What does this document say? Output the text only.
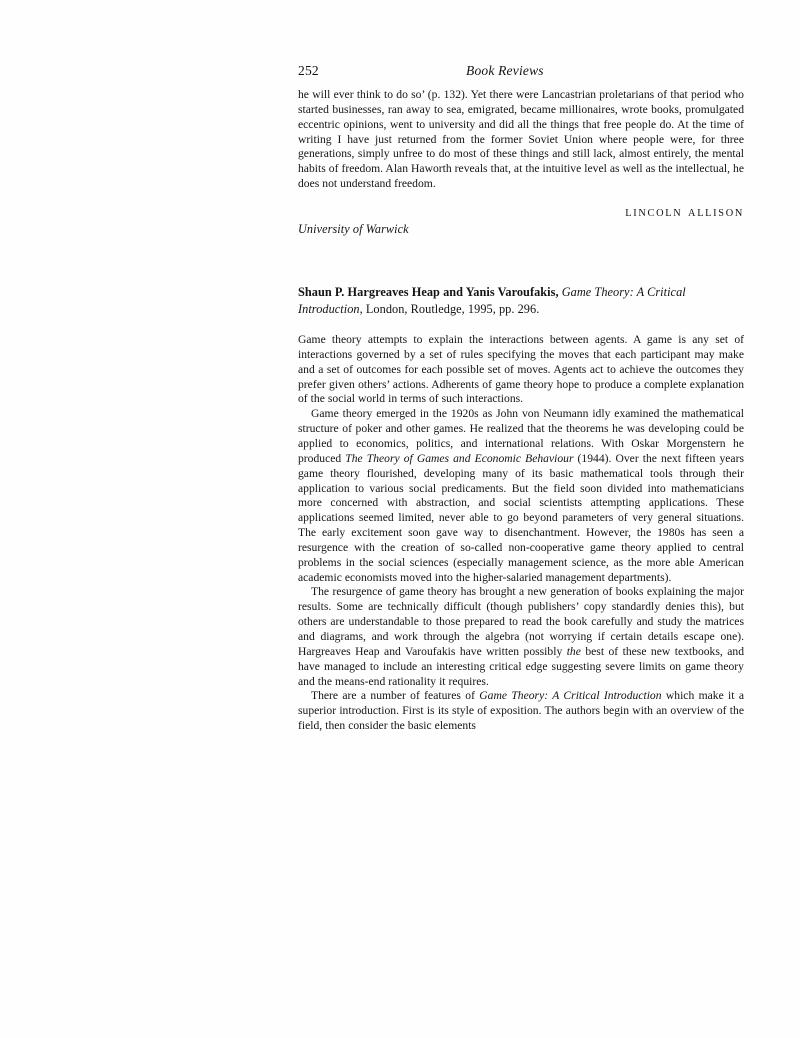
252	Book Reviews

he will ever think to do so’ (p. 132). Yet there were Lancastrian proletarians of that period who started businesses, ran away to sea, emigrated, became millionaires, wrote books, promulgated eccentric opinions, went to university and did all the things that free people do. At the time of writing I have just returned from the former Soviet Union where people were, for three generations, simply unfree to do most of these things and still lack, almost entirely, the mental habits of freedom. Alan Haworth reveals that, at the intuitive level as well as the intellectual, he does not understand freedom.

LINCOLN ALLISON
University of Warwick
Shaun P. Hargreaves Heap and Yanis Varoufakis, Game Theory: A Critical Introduction, London, Routledge, 1995, pp. 296.

Game theory attempts to explain the interactions between agents. A game is any set of interactions governed by a set of rules specifying the moves that each participant may make and a set of outcomes for each possible set of moves. Agents act to achieve the outcomes they prefer given others’ actions. Adherents of game theory hope to produce a complete explanation of the social world in terms of such interactions.

Game theory emerged in the 1920s as John von Neumann idly examined the mathematical structure of poker and other games. He realized that the theorems he was developing could be applied to economics, politics, and international relations. With Oskar Morgenstern he produced The Theory of Games and Economic Behaviour (1944). Over the next fifteen years game theory flourished, developing many of its basic mathematical tools through their application to various social predicaments. But the field soon divided into mathematicians more concerned with abstraction, and social scientists attempting applications. These applications seemed limited, never able to go beyond parameters of very general situations. The early excitement soon gave way to disenchantment. However, the 1980s has seen a resurgence with the creation of so-called non-cooperative game theory applied to central problems in the social sciences (especially management science, as the more able American academic economists moved into the higher-salaried management departments).

The resurgence of game theory has brought a new generation of books explaining the major results. Some are technically difficult (though publishers’ copy standardly denies this), but others are understandable to those prepared to read the book carefully and study the matrices and diagrams, and work through the algebra (not worrying if certain details escape one). Hargreaves Heap and Varoufakis have written possibly the best of these new textbooks, and have managed to include an interesting critical edge suggesting severe limits on game theory and the means-end rationality it requires.

There are a number of features of Game Theory: A Critical Introduction which make it a superior introduction. First is its style of exposition. The authors begin with an overview of the field, then consider the basic elements
